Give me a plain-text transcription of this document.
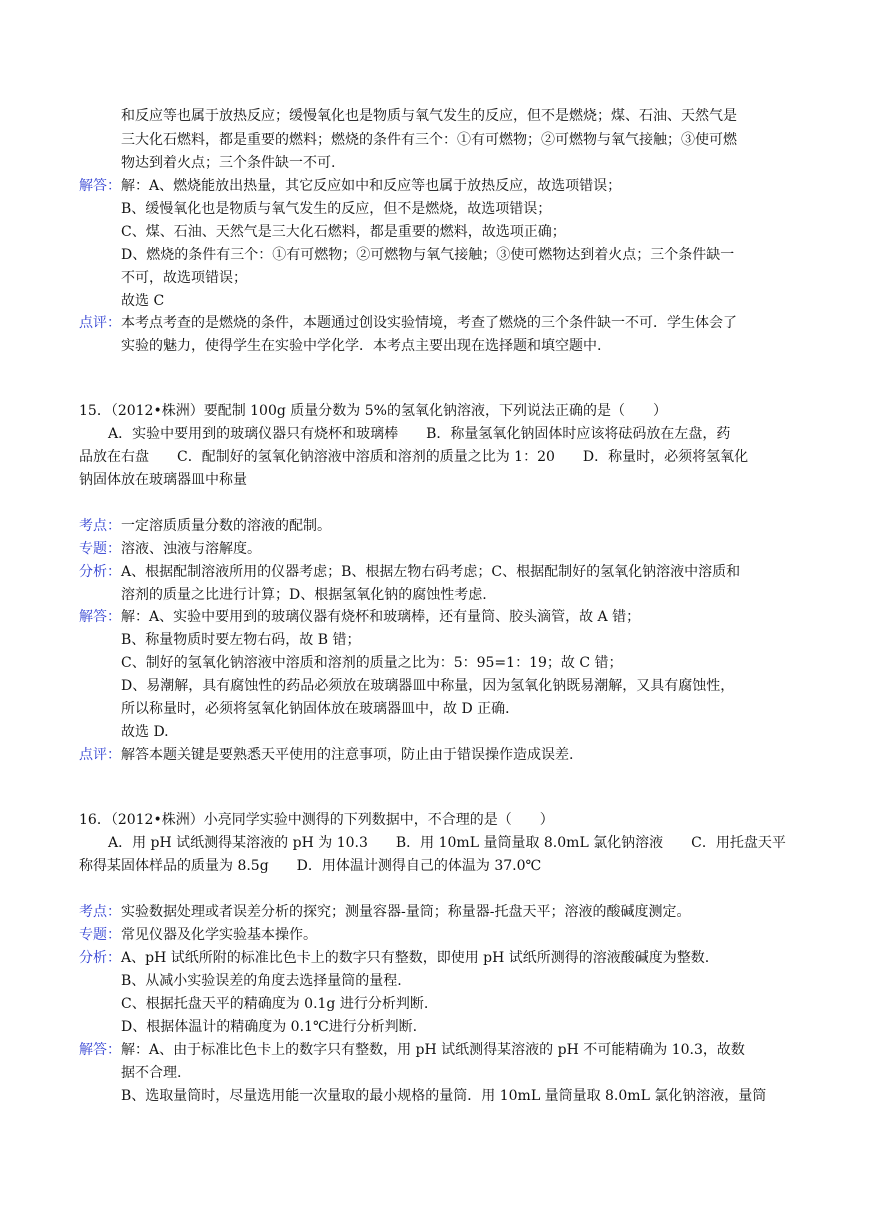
和反应等也属于放热反应；缓慢氧化也是物质与氧气发生的反应，但不是燃烧；煤、石油、天然气是
三大化石燃料，都是重要的燃料；燃烧的条件有三个：①有可燃物；②可燃物与氧气接触；③使可燃
物达到着火点；三个条件缺一不可.
解答： 解：A、燃烧能放出热量，其它反应如中和反应等也属于放热反应，故选项错误；
B、缓慢氧化也是物质与氧气发生的反应，但不是燃烧，故选项错误；
C、煤、石油、天然气是三大化石燃料，都是重要的燃料，故选项正确；
D、燃烧的条件有三个：①有可燃物；②可燃物与氧气接触；③使可燃物达到着火点；三个条件缺一
不可，故选项错误；
故选 C
点评： 本考点考查的是燃烧的条件，本题通过创设实验情境，考查了燃烧的三个条件缺一不可．学生体会了
实验的魅力，使得学生在实验中学化学．本考点主要出现在选择题和填空题中.
15．（2012•株洲）要配制 100g 质量分数为 5%的氢氧化钠溶液，下列说法正确的是（　　）
A．实验中要用到的玻璃仪器只有烧杯和玻璃棒　　B．称量氢氧化钠固体时应该将砝码放在左盘，药
品放在右盘　　C．配制好的氢氧化钠溶液中溶质和溶剂的质量之比为 1：20　　D．称量时，必须将氢氧化
钠固体放在玻璃器皿中称量
考点： 一定溶质质量分数的溶液的配制。
专题： 溶液、浊液与溶解度。
分析： A、根据配制溶液所用的仪器考虑；B、根据左物右码考虑；C、根据配制好的氢氧化钠溶液中溶质和
溶剂的质量之比进行计算；D、根据氢氧化钠的腐蚀性考虑.
解答： 解：A、实验中要用到的玻璃仪器有烧杯和玻璃棒，还有量筒、胶头滴管，故 A 错；
B、称量物质时要左物右码，故 B 错；
C、制好的氢氧化钠溶液中溶质和溶剂的质量之比为：5：95=1：19；故 C 错；
D、易潮解，具有腐蚀性的药品必须放在玻璃器皿中称量，因为氢氧化钠既易潮解，又具有腐蚀性，
所以称量时，必须将氢氧化钠固体放在玻璃器皿中，故 D 正确．
故选 D.
点评： 解答本题关键是要熟悉天平使用的注意事项，防止由于错误操作造成误差.
16．（2012•株洲）小亮同学实验中测得的下列数据中，不合理的是（　　）
A．用 pH 试纸测得某溶液的 pH 为 10.3　　B．用 10mL 量筒量取 8.0mL 氯化钠溶液　　C．用托盘天平
称得某固体样品的质量为 8.5g　　D．用体温计测得自己的体温为 37.0℃
考点： 实验数据处理或者误差分析的探究；测量容器-量筒；称量器-托盘天平；溶液的酸碱度测定。
专题： 常见仪器及化学实验基本操作。
分析： A、pH 试纸所附的标准比色卡上的数字只有整数，即使用 pH 试纸所测得的溶液酸碱度为整数.
B、从减小实验误差的角度去选择量筒的量程.
C、根据托盘天平的精确度为 0.1g 进行分析判断.
D、根据体温计的精确度为 0.1℃进行分析判断.
解答： 解：A、由于标准比色卡上的数字只有整数，用 pH 试纸测得某溶液的 pH 不可能精确为 10.3，故数
据不合理.
B、选取量筒时，尽量选用能一次量取的最小规格的量筒．用 10mL 量筒量取 8.0mL 氯化钠溶液，量筒
